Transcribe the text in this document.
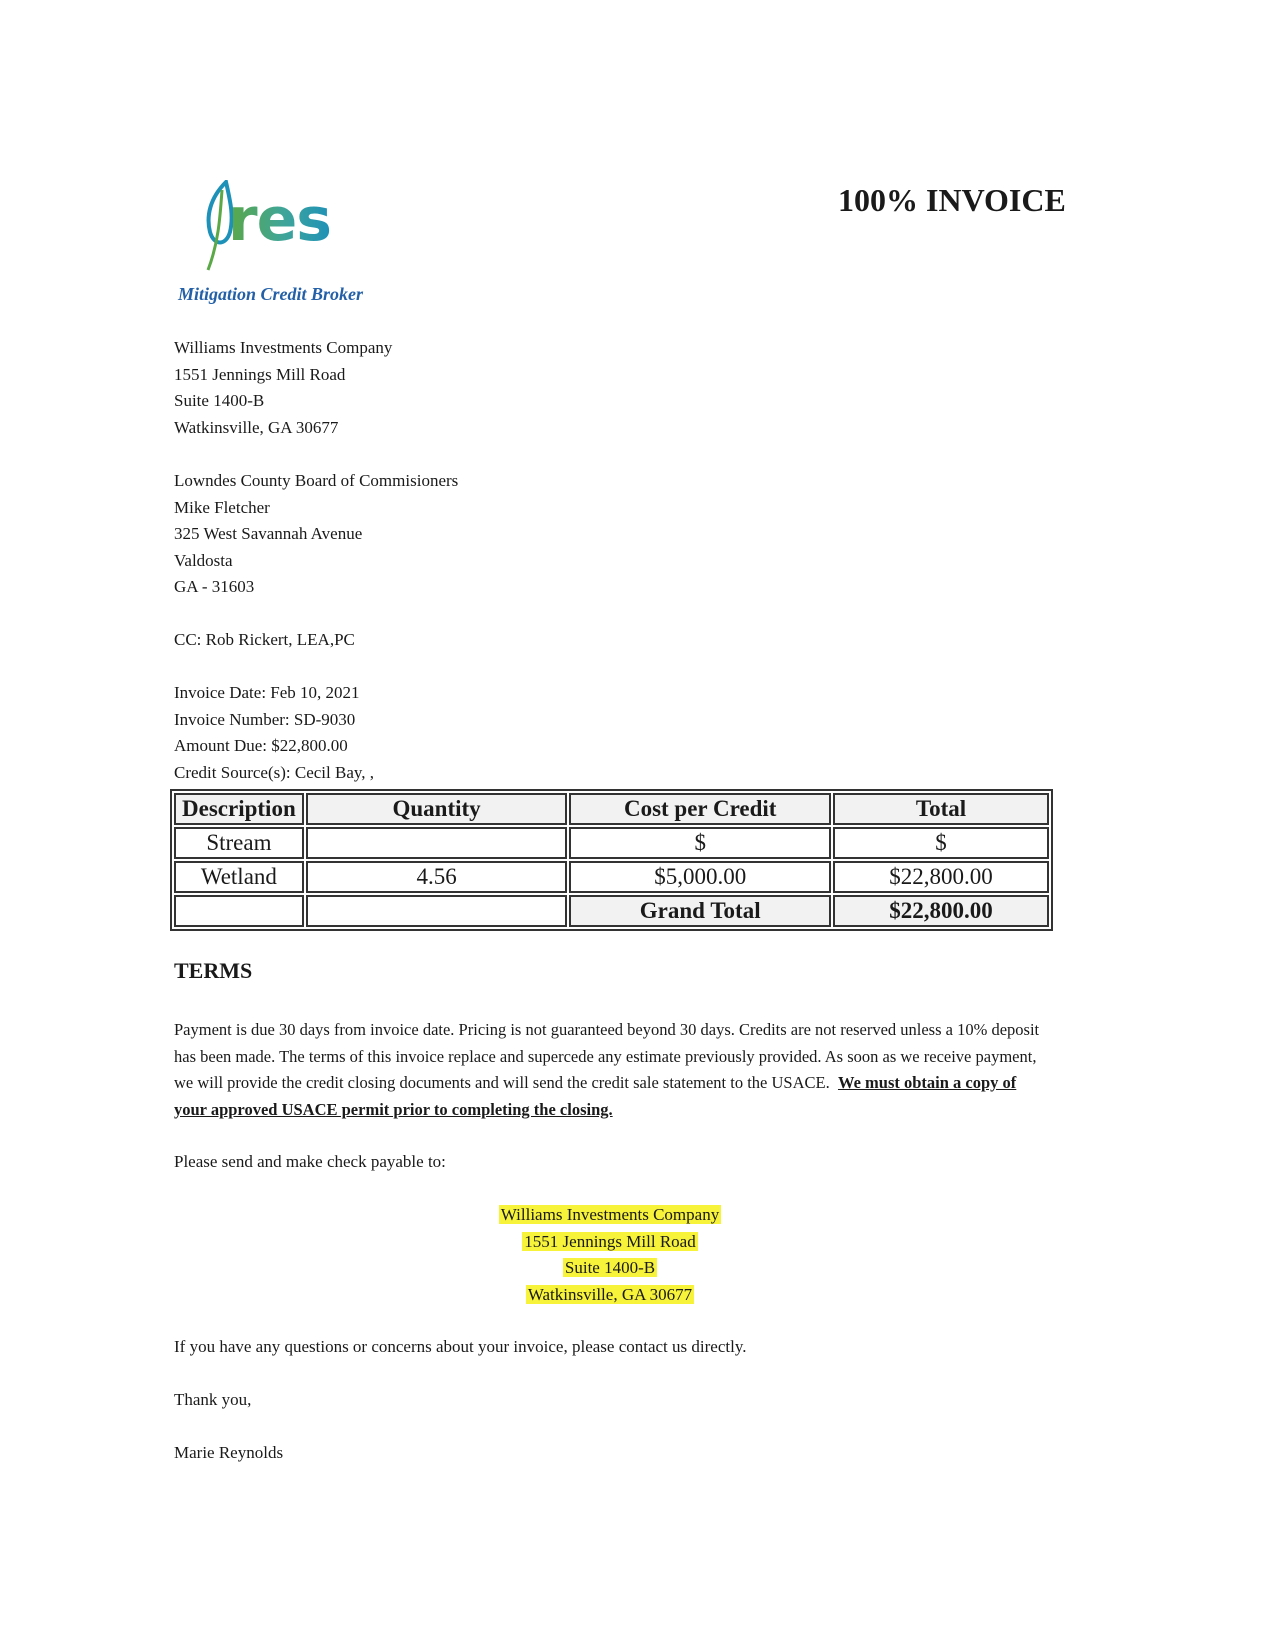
res
Mitigation Credit Broker
100% INVOICE
Williams Investments Company
1551 Jennings Mill Road
Suite 1400-B
Watkinsville, GA 30677
Lowndes County Board of Commisioners
Mike Fletcher
325 West Savannah Avenue
Valdosta
GA - 31603
CC: Rob Rickert, LEA,PC
Invoice Date: Feb 10, 2021
Invoice Number: SD-9030
Amount Due: $22,800.00
Credit Source(s): Cecil Bay, ,
Description	Quantity	Cost per Credit	Total
Stream		$	$
Wetland	4.56	$5,000.00	$22,800.00
		Grand Total	$22,800.00
TERMS
Payment is due 30 days from invoice date. Pricing is not guaranteed beyond 30 days. Credits are not reserved unless a 10% deposit has been made. The terms of this invoice replace and supercede any estimate previously provided. As soon as we receive payment, we will provide the credit closing documents and will send the credit sale statement to the USACE. We must obtain a copy of your approved USACE permit prior to completing the closing.
Please send and make check payable to:
Williams Investments Company
1551 Jennings Mill Road
Suite 1400-B
Watkinsville, GA 30677
If you have any questions or concerns about your invoice, please contact us directly.
Thank you,
Marie Reynolds
